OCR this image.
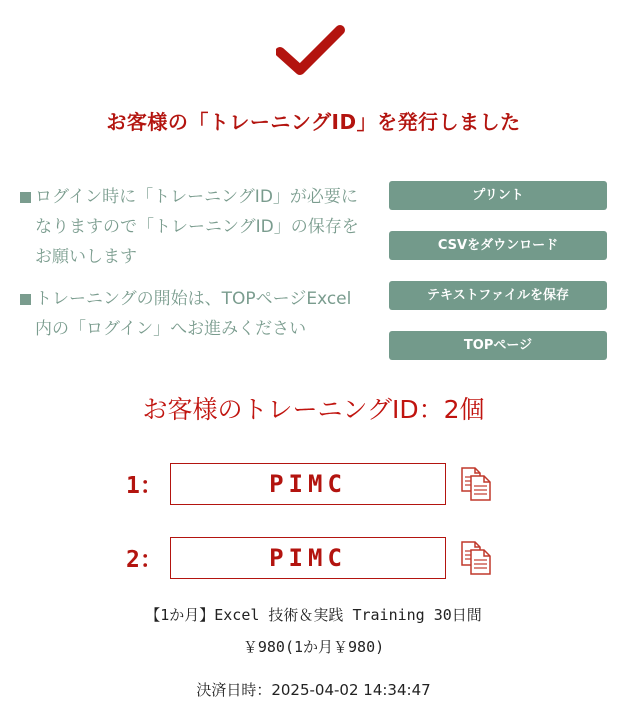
お客様の「トレーニングID」を発行しました
ログイン時に「トレーニングID」が必要になりますので「トレーニングID」の保存をお願いします
トレーニングの開始は、TOPページExcel内の「ログイン」へお進みください
プリント
CSVをダウンロード
テキストファイルを保存
TOPページ
お客様のトレーニングID：2個
1：	PIMC
2：	PIMC
【1か月】Excel 技術＆実践 Training 30日間
￥980(1か月￥980)
決済日時：2025-04-02 14:34:47
